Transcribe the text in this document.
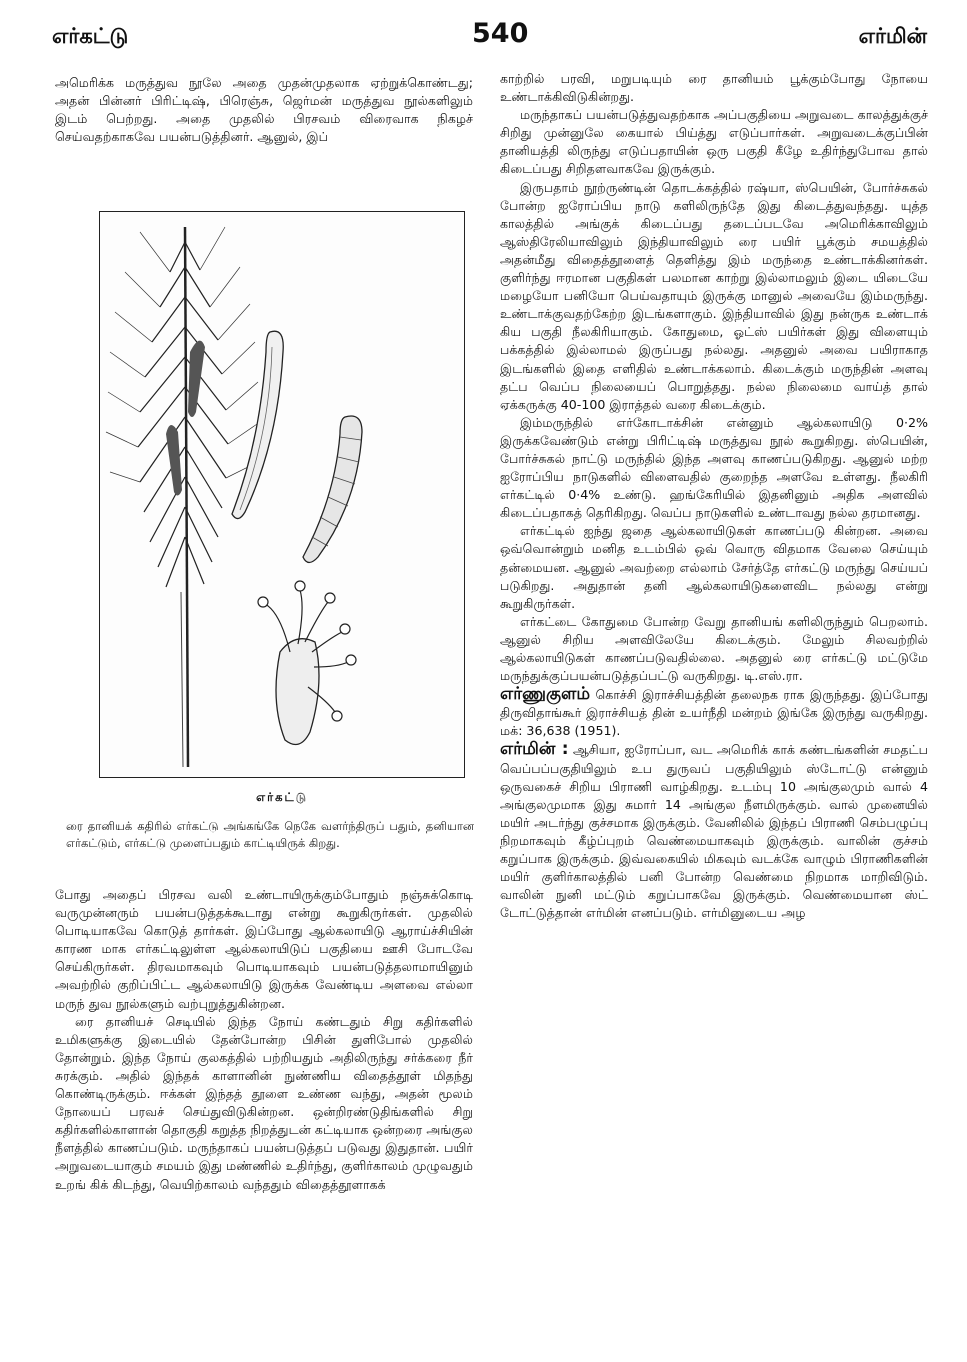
எர்கட்டு	540	எர்மின்

அமெரிக்க மருத்துவ நூலே அதை முதன்முதலாக ஏற்றுக்கொண்டது; அதன் பின்னர் பிரிட்டிஷ், பிரெஞ்சு, ஜெர்மன் மருத்துவ நூல்களிலும் இடம் பெற்றது. அதை முதலில் பிரசவம் விரைவாக நிகழச் செய்வதற்காகவே பயன்படுத்தினர். ஆனுல், இப்

எர்கட்டு
ரை தானியக் கதிரில் எர்கட்டு அங்கங்கே நெகே வளர்ந்திருப் பதும், தனியான எர்கட்டும், எர்கட்டு முளைப்பதும் காட்டியிருக் கிறது.

போது அதைப் பிரசவ வலி உண்டாயிருக்கும்போதும் நஞ்சுக்கொடி வருமுன்னரும் பயன்படுத்தக்கூடாது என்று கூறுகிருர்கள். முதலில் பொடியாகவே கொடுத் தார்கள். இப்போது ஆல்கலாயிடு ஆராய்ச்சியின் காரண மாக எர்கட்டிலுள்ள ஆல்கலாயிடுப் பகுதியை ஊசி போடவே செய்கிருர்கள். திரவமாகவும் பொடியாகவும் பயன்படுத்தலாமாயினும் அவற்றில் குறிப்பிட்ட ஆல்கலாயிடு இருக்க வேண்டிய அளவை எல்லா மருந் துவ நூல்களும் வற்புறுத்துகின்றன.

ரை தானியச் செடியில் இந்த நோய் கண்டதும் சிறு கதிர்களில் உமிகளுக்கு இடையில் தேன்போன்ற பிசின் துளிபோல் முதலில் தோன்றும். இந்த நோய் குலகத்தில் பற்றியதும் அதிலிருந்து சர்க்கரை நீர் சுரக்கும். அதில் இந்தக் காளானின் நுண்ணிய விதைத்தூள் மிதந்து கொண்டிருக்கும். ஈக்கள் இந்தத் தூளை உண்ண வந்து, அதன் மூலம் நோயைப் பரவச் செய்துவிடுகின்றன. ஒன்றிரண்டுதிங்களில் சிறு கதிர்களில்காளான் தொகுதி கறுத்த நிறத்துடன் கட்டியாக ஒன்றரை அங்குல நீளத்தில் காணப்படும். மருந்தாகப் பயன்படுத்தப் படுவது இதுதான். பயிர் அறுவடையாகும் சமயம் இது மண்ணில் உதிர்ந்து, குளிர்காலம் முழுவதும் உறங் கிக் கிடந்து, வெயிற்காலம் வந்ததும் விதைத்தூளாகக்

காற்றில் பரவி, மறுபடியும் ரை தானியம் பூக்கும்போது நோயை உண்டாக்கிவிடுகின்றது.

மருந்தாகப் பயன்படுத்துவதற்காக அப்பகுதியை அறுவடை காலத்துக்குச் சிறிது முன்னுலே கையால் பிய்த்து எடுப்பார்கள். அறுவடைக்குப்பின் தானியத்தி லிருந்து எடுப்பதாயின் ஒரு பகுதி கீழே உதிர்ந்துபோவ தால் கிடைப்பது சிறிதளவாகவே இருக்கும்.

இருபதாம் நூற்ருண்டின் தொடக்கத்தில் ரஷ்யா, ஸ்பெயின், போர்ச்சுகல் போன்ற ஐரோப்பிய நாடு களிலிருந்தே இது கிடைத்துவந்தது. யுத்த காலத்தில் அங்குக் கிடைப்பது தடைப்படவே அமெரிக்காவிலும் ஆஸ்திரேலியாவிலும் இந்தியாவிலும் ரை பயிர் பூக்கும் சமயத்தில் அதன்மீது விதைத்தூளைத் தெளித்து இம் மருந்தை உண்டாக்கினர்கள். குளிர்ந்து ஈரமான பகுதிகள் பலமான காற்று இல்லாமலும் இடை யிடையே மழையோ பனியோ பெய்வதாயும் இருக்கு மானுல் அவையே இம்மருந்து. உண்டாக்குவதற்கேற்ற இடங்களாகும். இந்தியாவில் இது நன்ருக உண்டாக் கிய பகுதி நீலகிரியாகும். கோதுமை, ஓட்ஸ் பயிர்கள் இது விளையும் பக்கத்தில் இல்லாமல் இருப்பது நல்லது. அதனுல் அவை பயிராகாத இடங்களில் இதை எளிதில் உண்டாக்கலாம். கிடைக்கும் மருந்தின் அளவு தட்ப வெப்ப நிலையைப் பொறுத்தது. நல்ல நிலைமை வாய்த் தால் ஏக்கருக்கு 40-100 இராத்தல் வரை கிடைக்கும்.

இம்மருந்தில் எர்கோடாக்சின் என்னும் ஆல்கலாயிடு 0·2% இருக்கவேண்டும் என்று பிரிட்டிஷ் மருத்துவ நூல் கூறுகிறது. ஸ்பெயின், போர்ச்சுகல் நாட்டு மருந்தில் இந்த அளவு காணப்படுகிறது. ஆனுல் மற்ற ஐரோப்பிய நாடுகளில் விளைவதில் குறைந்த அளவே உள்ளது. நீலகிரி எர்கட்டில் 0·4% உண்டு. ஹங்கேரியில் இதனினும் அதிக அளவில் கிடைப்பதாகத் தெரிகிறது. வெப்ப நாடுகளில் உண்டாவது நல்ல தரமானது.

எர்கட்டில் ஐந்து ஜதை ஆல்கலாயிடுகள் காணப்படு கின்றன. அவை ஒவ்வொன்றும் மனித உடம்பில் ஒவ் வொரு விதமாக வேலை செய்யும் தன்மையன. ஆனுல் அவற்றை எல்லாம் சேர்த்தே எர்கட்டு மருந்து செய்யப் படுகிறது. அதுதான் தனி ஆல்கலாயிடுகளைவிட நல்லது என்று கூறுகிருர்கள்.

எர்கட்டை கோதுமை போன்ற வேறு தானியங் களிலிருந்தும் பெறலாம். ஆனுல் சிறிய அளவிலேயே கிடைக்கும். மேலும் சிலவற்றில் ஆல்கலாயிடுகள் காணப்படுவதில்லை. அதனுல் ரை எர்கட்டு மட்டுமே மருந்துக்குப்பயன்படுத்தப்பட்டு வருகிறது. டி.எஸ்.ரா.

எர்ணுகுளம் கொச்சி இராச்சியத்தின் தலைநக ராக இருந்தது. இப்போது திருவிதாங்கூர் இராச்சியத் தின் உயர்நீதி மன்றம் இங்கே இருந்து வருகிறது. மக்: 36,638 (1951).

எர்மின் : ஆசியா, ஐரோப்பா, வட அமெரிக் காக் கண்டங்களின் சமதட்ப வெப்பப்பகுதியிலும் உப துருவப் பகுதியிலும் ஸ்டோட்டு என்னும் ஒருவகைச் சிறிய பிராணி வாழ்கிறது. உடம்பு 10 அங்குலமும் வால் 4 அங்குலமுமாக இது சுமார் 14 அங்குல நீளமிருக்கும். வால் முனையில் மயிர் அடர்ந்து குச்சமாக இருக்கும். வேனிலில் இந்தப் பிராணி செம்பழுப்பு நிறமாகவும் கீழ்ப்புறம் வெண்மையாகவும் இருக்கும். வாலின் குச்சம் கறுப்பாக இருக்கும். இவ்வகையில் மிகவும் வடக்கே வாழும் பிராணிகளின் மயிர் குளிர்காலத்தில் பனி போன்ற வெண்மை நிறமாக மாறிவிடும். வாலின் நுனி மட்டும் கறுப்பாகவே இருக்கும். வெண்மையான ஸ்ட் டோட்டுத்தான் எர்மின் எனப்படும். எர்மினுடைய அழ
